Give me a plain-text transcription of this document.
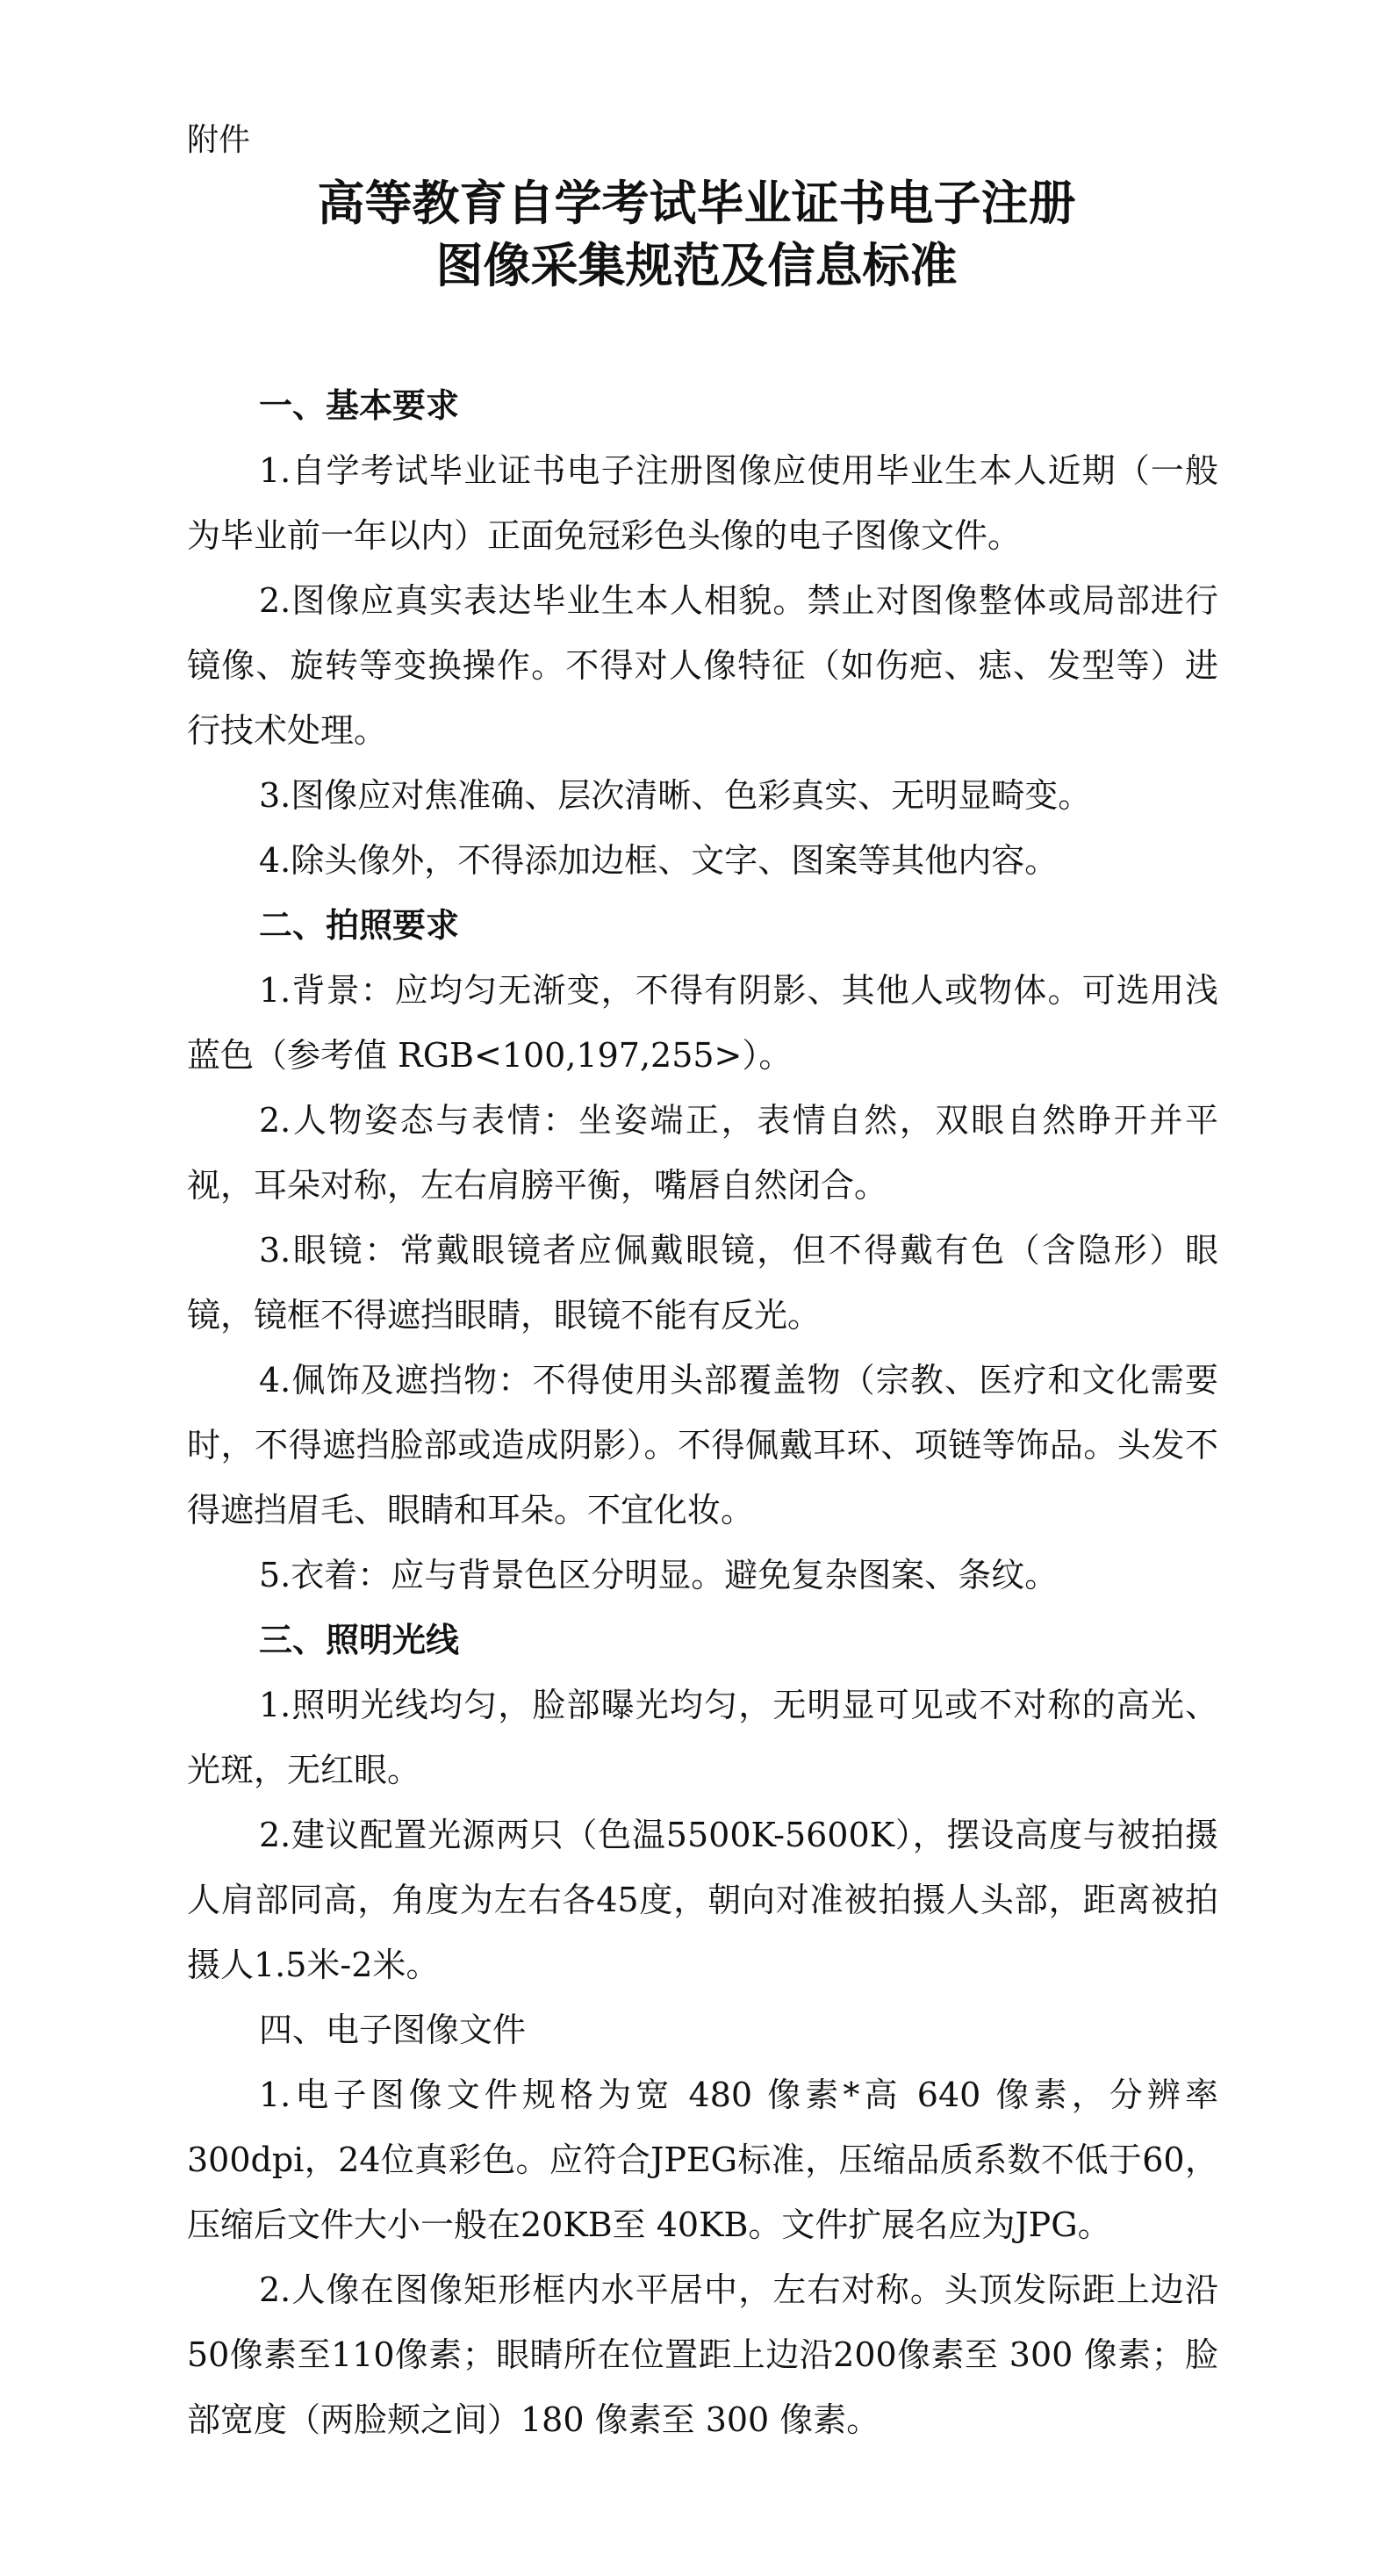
附件
高等教育自学考试毕业证书电子注册
图像采集规范及信息标准
一、基本要求
1.自学考试毕业证书电子注册图像应使用毕业生本人近期（一般为毕业前一年以内）正面免冠彩色头像的电子图像文件。
2.图像应真实表达毕业生本人相貌。禁止对图像整体或局部进行镜像、旋转等变换操作。不得对人像特征（如伤疤、痣、发型等）进行技术处理。
3.图像应对焦准确、层次清晰、色彩真实、无明显畸变。
4.除头像外，不得添加边框、文字、图案等其他内容。
二、拍照要求
1.背景：应均匀无渐变，不得有阴影、其他人或物体。可选用浅蓝色（参考值 RGB<100,197,255>）。
2.人物姿态与表情：坐姿端正，表情自然，双眼自然睁开并平视，耳朵对称，左右肩膀平衡，嘴唇自然闭合。
3.眼镜：常戴眼镜者应佩戴眼镜，但不得戴有色（含隐形）眼镜，镜框不得遮挡眼睛，眼镜不能有反光。
4.佩饰及遮挡物：不得使用头部覆盖物（宗教、医疗和文化需要时，不得遮挡脸部或造成阴影）。不得佩戴耳环、项链等饰品。头发不得遮挡眉毛、眼睛和耳朵。不宜化妆。
5.衣着：应与背景色区分明显。避免复杂图案、条纹。
三、照明光线
1.照明光线均匀，脸部曝光均匀，无明显可见或不对称的高光、光斑，无红眼。
2.建议配置光源两只（色温5500K-5600K），摆设高度与被拍摄人肩部同高，角度为左右各45度，朝向对准被拍摄人头部，距离被拍摄人1.5米-2米。
四、电子图像文件
1.电子图像文件规格为宽 480 像素*高 640 像素，分辨率300dpi，24位真彩色。应符合JPEG标准，压缩品质系数不低于60，压缩后文件大小一般在20KB至 40KB。文件扩展名应为JPG。
2.人像在图像矩形框内水平居中，左右对称。头顶发际距上边沿50像素至110像素；眼睛所在位置距上边沿200像素至 300 像素；脸部宽度（两脸颊之间）180 像素至 300 像素。
